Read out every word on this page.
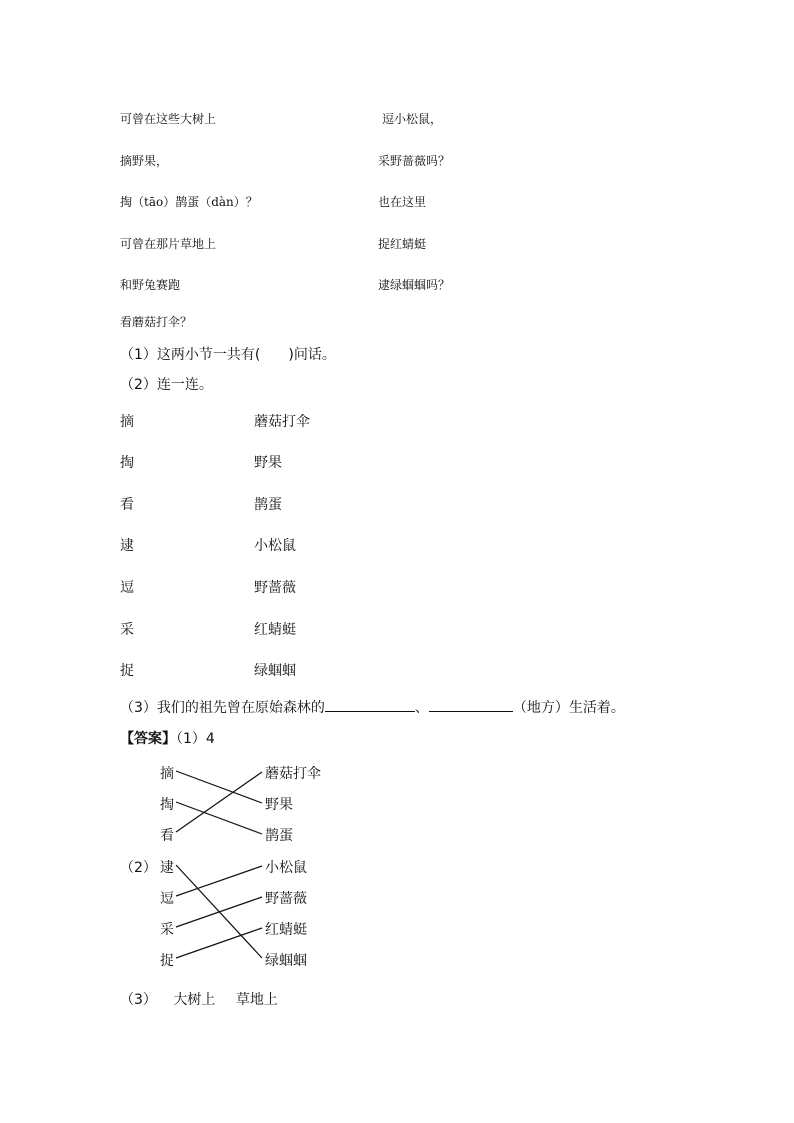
可曾在这些大树上
摘野果，
掏（tāo）鹊蛋（dàn）？
可曾在那片草地上
和野兔赛跑
看蘑菇打伞？
逗小松鼠，
采野蔷薇吗？
也在这里
捉红蜻蜓
逮绿蝈蝈吗？
（1）这两小节一共有(　　)问话。
（2）连一连。
摘
掏
看
逮
逗
采
捉
蘑菇打伞
野果
鹊蛋
小松鼠
野蔷薇
红蜻蜓
绿蝈蝈
（3）我们的祖先曾在原始森林的	、	（地方）生活着。
【答案】（1）4
摘
掏
看
蘑菇打伞
野果
鹊蛋
（2） 逮
逗
采
捉
小松鼠
野蔷薇
红蜻蜓
绿蝈蝈
（3） 大树上 草地上
